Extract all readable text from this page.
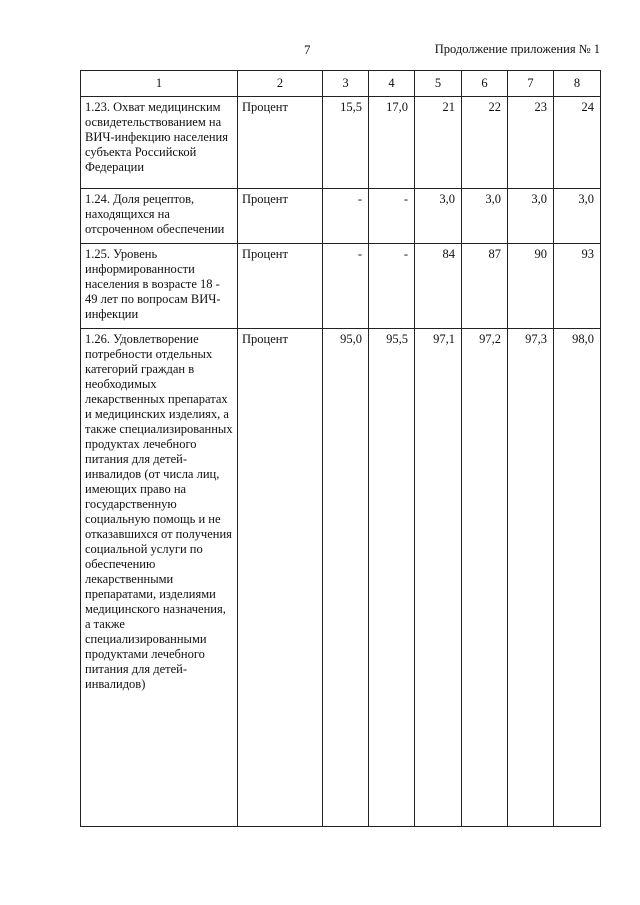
7	Продолжение приложения № 1
1	2	3	4	5	6	7	8
1.23. Охват медицинским освидетельствованием на ВИЧ-инфекцию населения субъекта Российской Федерации	Процент	15,5	17,0	21	22	23	24
1.24. Доля рецептов, находящихся на отсроченном обеспечении	Процент	-	-	3,0	3,0	3,0	3,0
1.25. Уровень информированности населения в возрасте 18 - 49 лет по вопросам ВИЧ-инфекции	Процент	-	-	84	87	90	93
1.26. Удовлетворение потребности отдельных категорий граждан в необходимых лекарственных препаратах и медицинских изделиях, а также специализированных продуктах лечебного питания для детей-инвалидов (от числа лиц, имеющих право на государственную социальную помощь и не отказавшихся от получения социальной услуги по обеспечению лекарственными препаратами, изделиями медицинского назначения, а также специализированными продуктами лечебного питания для детей-инвалидов)	Процент	95,0	95,5	97,1	97,2	97,3	98,0
